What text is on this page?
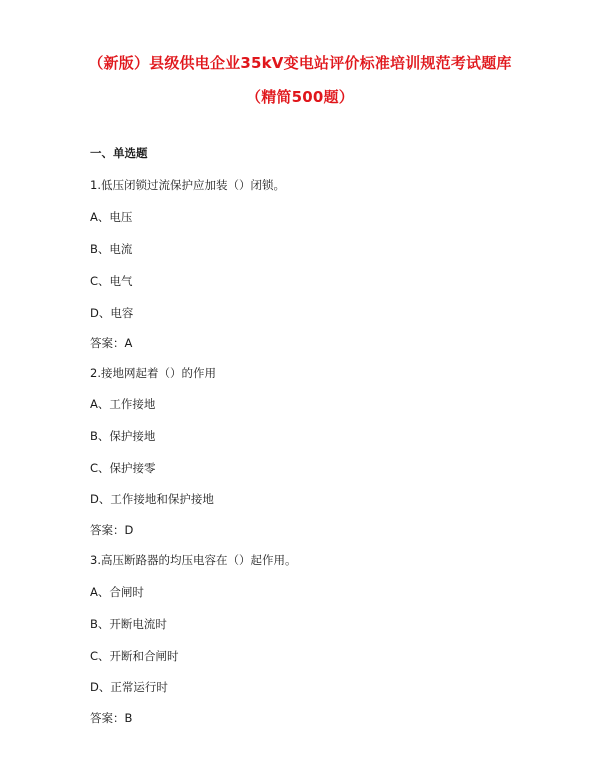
（新版）县级供电企业35kV变电站评价标准培训规范考试题库
（精简500题）
一、单选题
1.低压闭锁过流保护应加装（）闭锁。
A、电压
B、电流
C、电气
D、电容
答案：A
2.接地网起着（）的作用
A、工作接地
B、保护接地
C、保护接零
D、工作接地和保护接地
答案：D
3.高压断路器的均压电容在（）起作用。
A、合闸时
B、开断电流时
C、开断和合闸时
D、正常运行时
答案：B
